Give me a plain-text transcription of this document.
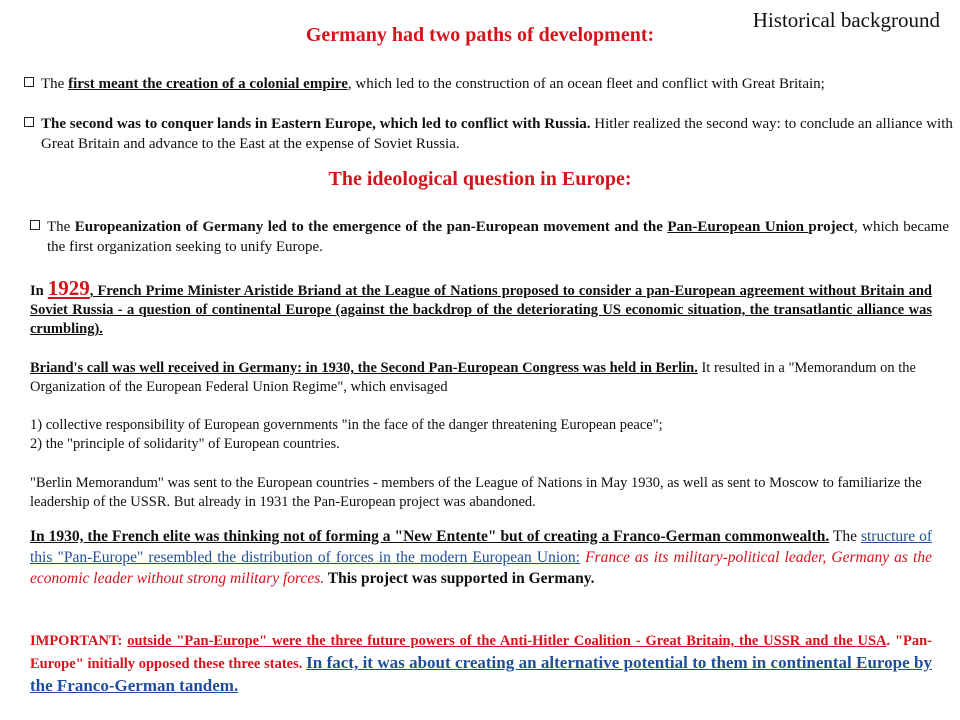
Historical background
Germany had two paths of development:
The first meant the creation of a colonial empire, which led to the construction of an ocean fleet and conflict with Great Britain;
The second was to conquer lands in Eastern Europe, which led to conflict with Russia. Hitler realized the second way: to conclude an alliance with Great Britain and advance to the East at the expense of Soviet Russia.
The ideological question in Europe:
The Europeanization of Germany led to the emergence of the pan-European movement and the Pan-European Union project, which became the first organization seeking to unify Europe.
In 1929, French Prime Minister Aristide Briand at the League of Nations proposed to consider a pan-European agreement without Britain and Soviet Russia - a question of continental Europe (against the backdrop of the deteriorating US economic situation, the transatlantic alliance was crumbling).
Briand's call was well received in Germany: in 1930, the Second Pan-European Congress was held in Berlin. It resulted in a "Memorandum on the Organization of the European Federal Union Regime", which envisaged
1) collective responsibility of European governments "in the face of the danger threatening European peace";
2) the "principle of solidarity" of European countries.
"Berlin Memorandum" was sent to the European countries - members of the League of Nations in May 1930, as well as sent to Moscow to familiarize the leadership of the USSR. But already in 1931 the Pan-European project was abandoned.
In 1930, the French elite was thinking not of forming a "New Entente" but of creating a Franco-German commonwealth. The structure of this "Pan-Europe" resembled the distribution of forces in the modern European Union: France as its military-political leader, Germany as the economic leader without strong military forces. This project was supported in Germany.
IMPORTANT: outside "Pan-Europe" were the three future powers of the Anti-Hitler Coalition - Great Britain, the USSR and the USA. "Pan-Europe" initially opposed these three states. In fact, it was about creating an alternative potential to them in continental Europe by the Franco-German tandem.
